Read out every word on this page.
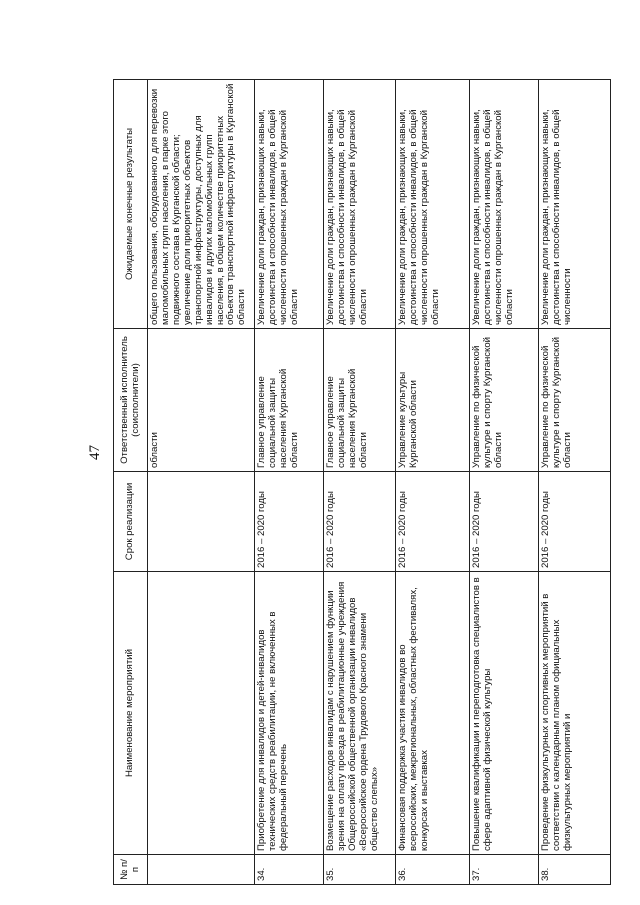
47
№ п/п	Наименование мероприятий	Срок реализации	Ответственный исполнитель (соисполнители)	Ожидаемые конечные результаты
			области	общего пользования, оборудованного для перевозки маломобильных групп населения, в парке этого подвижного состава в Курганской области; увеличение доли приоритетных объектов транспортной инфраструктуры, доступных для инвалидов и других маломобильных групп населения, в общем количестве приоритетных объектов транспортной инфраструктуры в Курганской области
34.	Приобретение для инвалидов и детей-инвалидов технических средств реабилитации, не включенных в федеральный перечень	2016 – 2020 годы	Главное управление социальной защиты населения Курганской области	Увеличение доли граждан, признающих навыки, достоинства и способности инвалидов, в общей численности опрошенных граждан в Курганской области
35.	Возмещение расходов инвалидам с нарушением функции зрения на оплату проезда в реабилитационные учреждения Общероссийской общественной организации инвалидов «Всероссийское ордена Трудового Красного знамени общество слепых»	2016 – 2020 годы	Главное управление социальной защиты населения Курганской области	Увеличение доли граждан, признающих навыки, достоинства и способности инвалидов, в общей численности опрошенных граждан в Курганской области
36.	Финансовая поддержка участия инвалидов во всероссийских, межрегиональных, областных фестивалях, конкурсах и выставках	2016 – 2020 годы	Управление культуры Курганской области	Увеличение доли граждан, признающих навыки, достоинства и способности инвалидов, в общей численности опрошенных граждан в Курганской области
37.	Повышение квалификации и переподготовка специалистов в сфере адаптивной физической культуры	2016 – 2020 годы	Управление по физической культуре и спорту Курганской области	Увеличение доли граждан, признающих навыки, достоинства и способности инвалидов, в общей численности опрошенных граждан в Курганской области
38.	Проведение физкультурных и спортивных мероприятий в соответствии с календарным планом официальных физкультурных мероприятий и	2016 – 2020 годы	Управление по физической культуре и спорту Курганской области	Увеличение доли граждан, признающих навыки, достоинства и способности инвалидов, в общей численности
